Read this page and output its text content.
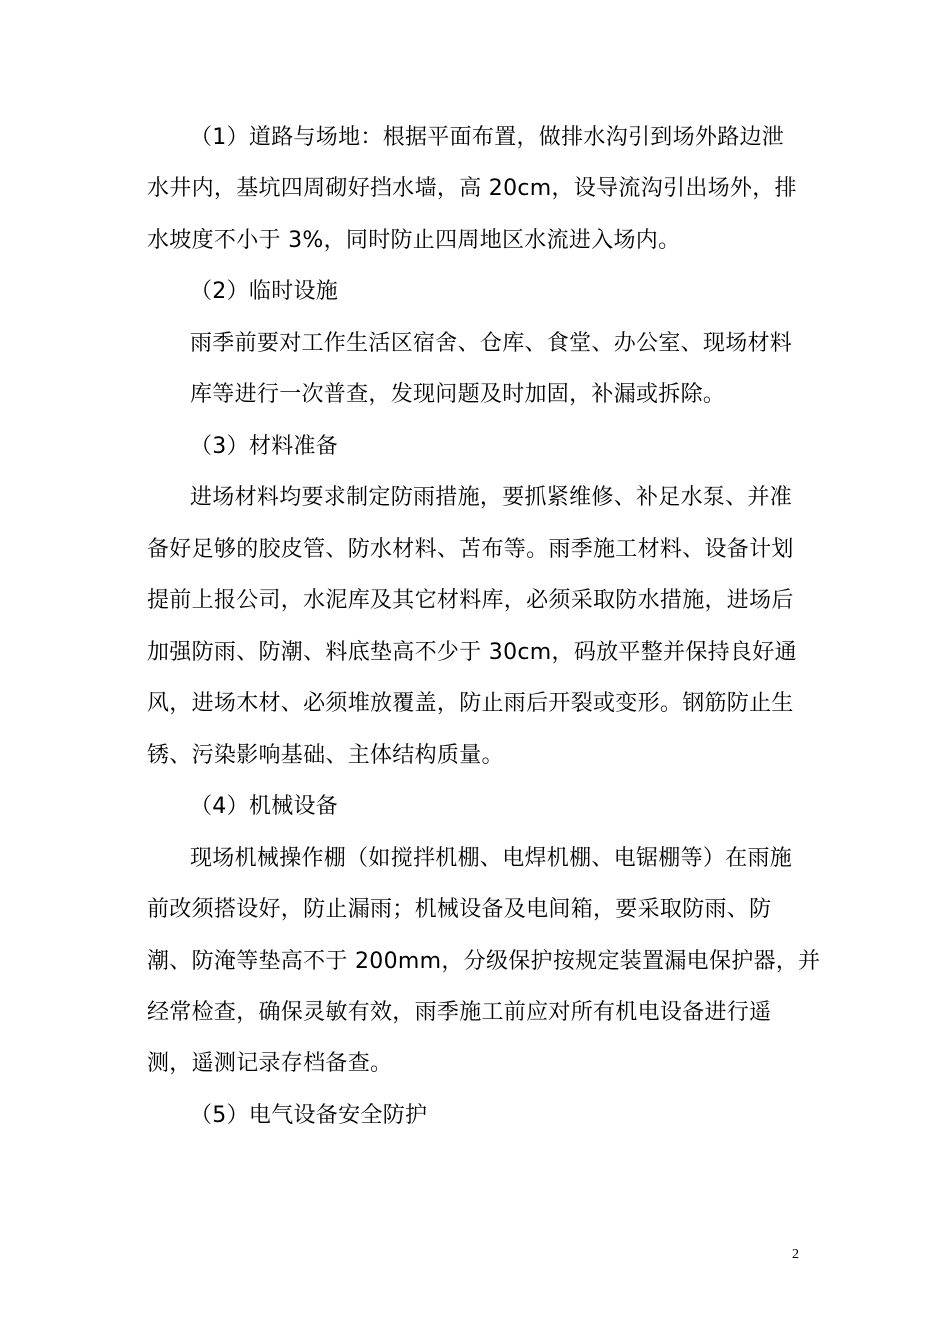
（1）道路与场地：根据平面布置，做排水沟引到场外路边泄
水井内，基坑四周砌好挡水墙，高 20cm，设导流沟引出场外，排
水坡度不小于 3%，同时防止四周地区水流进入场内。
（2）临时设施
雨季前要对工作生活区宿舍、仓库、食堂、办公室、现场材料
库等进行一次普查，发现问题及时加固，补漏或拆除。
（3）材料准备
进场材料均要求制定防雨措施，要抓紧维修、补足水泵、并准
备好足够的胶皮管、防水材料、苫布等。雨季施工材料、设备计划
提前上报公司，水泥库及其它材料库，必须采取防水措施，进场后
加强防雨、防潮、料底垫高不少于 30cm，码放平整并保持良好通
风，进场木材、必须堆放覆盖，防止雨后开裂或变形。钢筋防止生
锈、污染影响基础、主体结构质量。
（4）机械设备
现场机械操作棚（如搅拌机棚、电焊机棚、电锯棚等）在雨施
前改须搭设好，防止漏雨；机械设备及电间箱，要采取防雨、防
潮、防淹等垫高不于 200mm，分级保护按规定装置漏电保护器，并
经常检查，确保灵敏有效，雨季施工前应对所有机电设备进行遥
测，遥测记录存档备查。
（5）电气设备安全防护
2
